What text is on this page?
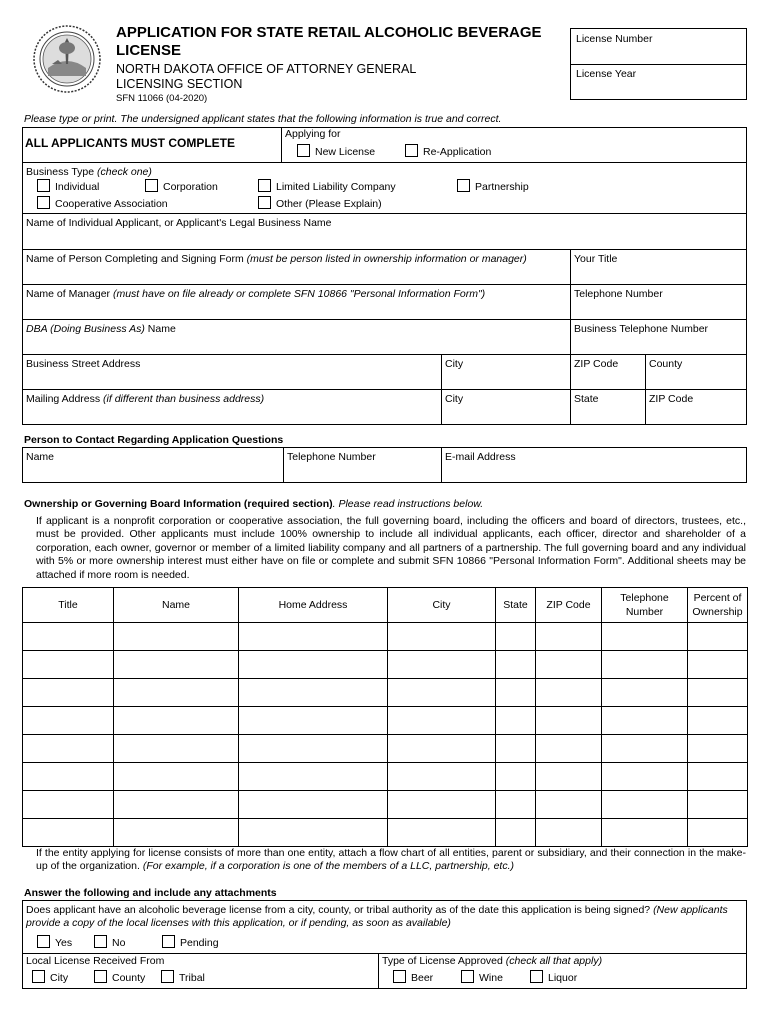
APPLICATION FOR STATE RETAIL ALCOHOLIC BEVERAGE LICENSE
NORTH DAKOTA OFFICE OF ATTORNEY GENERAL
LICENSING SECTION
SFN 11066 (04-2020)
License Number
License Year
Please type or print. The undersigned applicant states that the following information is true and correct.
ALL APPLICANTS MUST COMPLETE
Applying for
New License	Re-Application
Business Type (check one)
Individual	Corporation	Limited Liability Company	Partnership
Cooperative Association	Other (Please Explain)
Name of Individual Applicant, or Applicant's Legal Business Name
Name of Person Completing and Signing Form (must be person listed in ownership information or manager)	Your Title
Name of Manager (must have on file already or complete SFN 10866 "Personal Information Form")	Telephone Number
DBA (Doing Business As) Name	Business Telephone Number
Business Street Address	City	ZIP Code	County
Mailing Address (if different than business address)	City	State	ZIP Code
Person to Contact Regarding Application Questions
Name	Telephone Number	E-mail Address
Ownership or Governing Board Information (required section). Please read instructions below.
If applicant is a nonprofit corporation or cooperative association, the full governing board, including the officers and board of directors, trustees, etc., must be provided. Other applicants must include 100% ownership to include all individual applicants, each officer, director and shareholder of a corporation, each owner, governor or member of a limited liability company and all partners of a partnership. The full governing board and any individual with 5% or more ownership interest must either have on file or complete and submit SFN 10866 "Personal Information Form". Additional sheets may be attached if more room is needed.
Title	Name	Home Address	City	State	ZIP Code	Telephone Number	Percent of Ownership

If the entity applying for license consists of more than one entity, attach a flow chart of all entities, parent or subsidiary, and their connection in the make-up of the organization. (For example, if a corporation is one of the members of a LLC, partnership, etc.)
Answer the following and include any attachments
Does applicant have an alcoholic beverage license from a city, county, or tribal authority as of the date this application is being signed? (New applicants provide a copy of the local licenses with this application, or if pending, as soon as available)
Yes	No	Pending
Local License Received From	Type of License Approved (check all that apply)
City	County	Tribal	Beer	Wine	Liquor
